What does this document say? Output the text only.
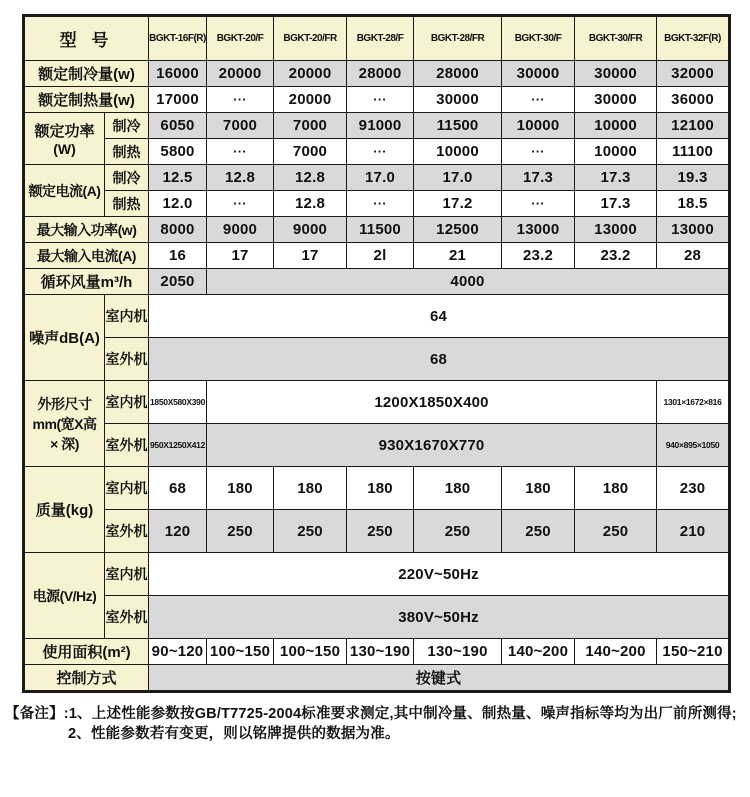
型 号		BGKT-16F(R)	BGKT-20/F	BGKT-20/FR	BGKT-28/F	BGKT-28/FR	BGKT-30/F	BGKT-30/FR	BGKT-32F(R)
额定制冷量(w)		16000	20000	20000	28000	28000	30000	30000	32000
额定制热量(w)		17000	···	20000	···	30000	···	30000	36000

额定功率
(W)	制冷	6050	7000	7000	91000	11500	10000	10000	12100
	制热	5800	···	7000	···	10000	···	10000	11100
额定电流(A)	制冷	12.5	12.8	12.8	17.0	17.0	17.3	17.3	19.3
	制热	12.0	···	12.8	···	17.2	···	17.3	18.5
最大输入功率(w)		8000	9000	9000	11500	12500	13000	13000	13000
最大输入电流(A)		16	17	17	2l	21	23.2	23.2	28
循环风量m³/h		2050	4000						
噪声dB(A)	室内机	64							
	室外机	68							

外形尺寸
mm(宽X高
× 深)	室内机	1850X580X390	1200X1850X400						1301×1672×816
	室外机	950X1250X412	930X1670X770						940×895×1050
质量(kg)	室内机	68	180	180	180	180	180	180	230
	室外机	120	250	250	250	250	250	250	210
电源(V/Hz)	室内机	220V~50Hz							
	室外机	380V~50Hz							
使用面积(m²)		90~120	100~150	100~150	130~190	130~190	140~200	140~200	150~210
控制方式		按键式							
【备注】:1、上述性能参数按GB/T7725-2004标准要求测定,其中制冷量、制热量、噪声指标等均为出厂前所测得;
2、性能参数若有变更，则以铭牌提供的数据为准。
